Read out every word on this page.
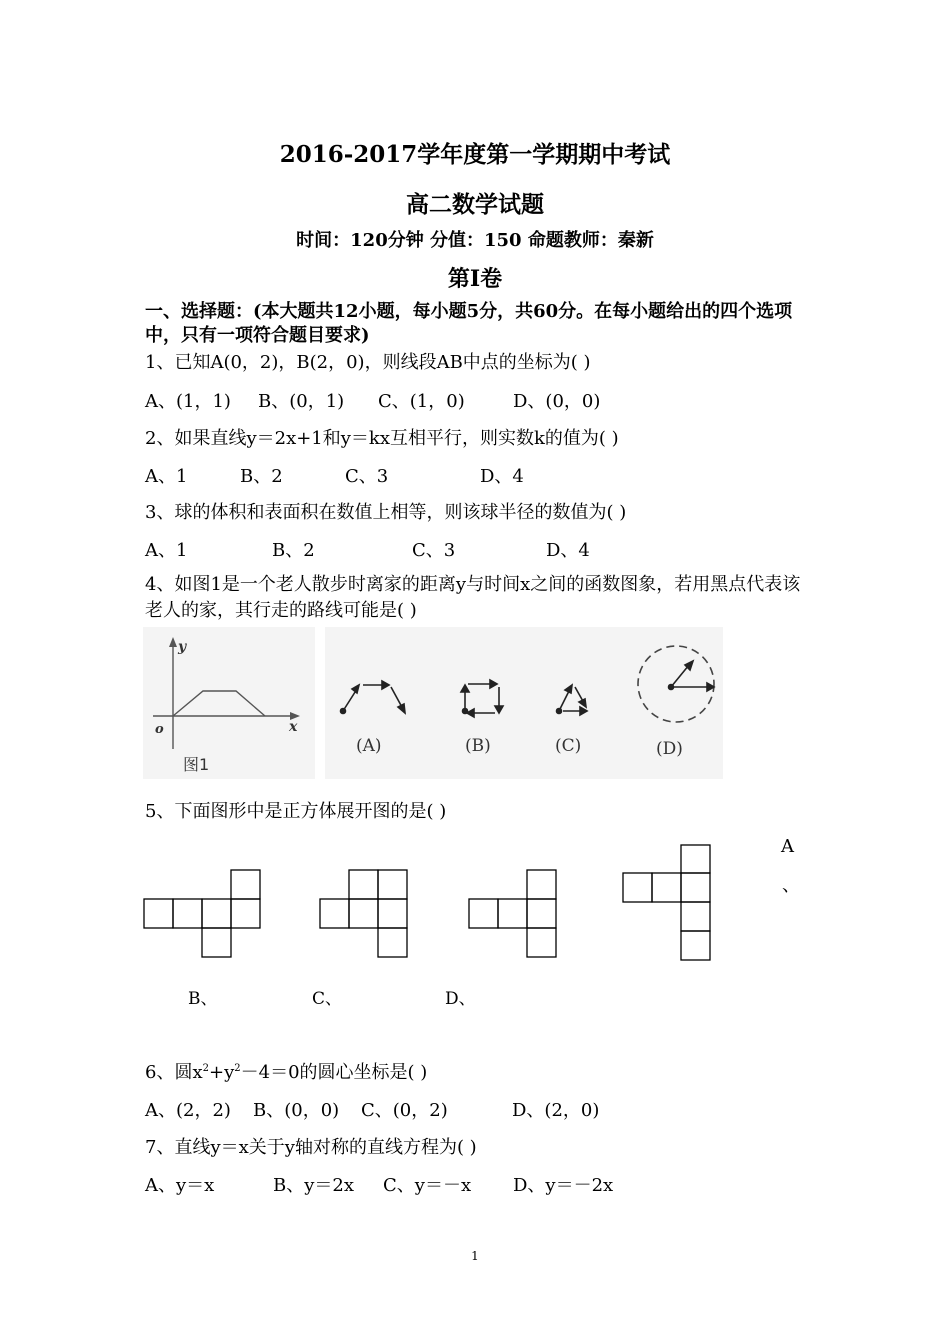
2016-2017学年度第一学期期中考试
高二数学试题
时间：120分钟 分值：150 命题教师：秦新
第Ⅰ卷
一、选择题：(本大题共12小题，每小题5分，共60分。在每小题给出的四个选项中，只有一项符合题目要求)
1、已知A(0，2)，B(2，0)，则线段AB中点的坐标为( )
A、(1，1) B、(0，1) C、(1，0)	D、(0，0)
2、如果直线y＝2x+1和y＝kx互相平行，则实数k的值为( )
A、1	B、2	C、3	D、4
3、球的体积和表面积在数值上相等，则该球半径的数值为( )
A、1	B、2	C、3	D、4
4、如图1是一个老人散步时离家的距离y与时间x之间的函数图象，若用黑点代表该老人的家，其行走的路线可能是( )
y
x
o
图1
(A)	(B)	(C)	(D)
5、下面图形中是正方体展开图的是( )
A
、
B、	C、	D、
6、圆$x^2+y^2-4=0$的圆心坐标是( )
A、(2，2) B、(0，0) C、(0，2)	D、(2，0)
7、直线y＝x关于y轴对称的直线方程为( )
A、y＝x	B、y＝2x C、y＝－x D、y＝－2x
1
